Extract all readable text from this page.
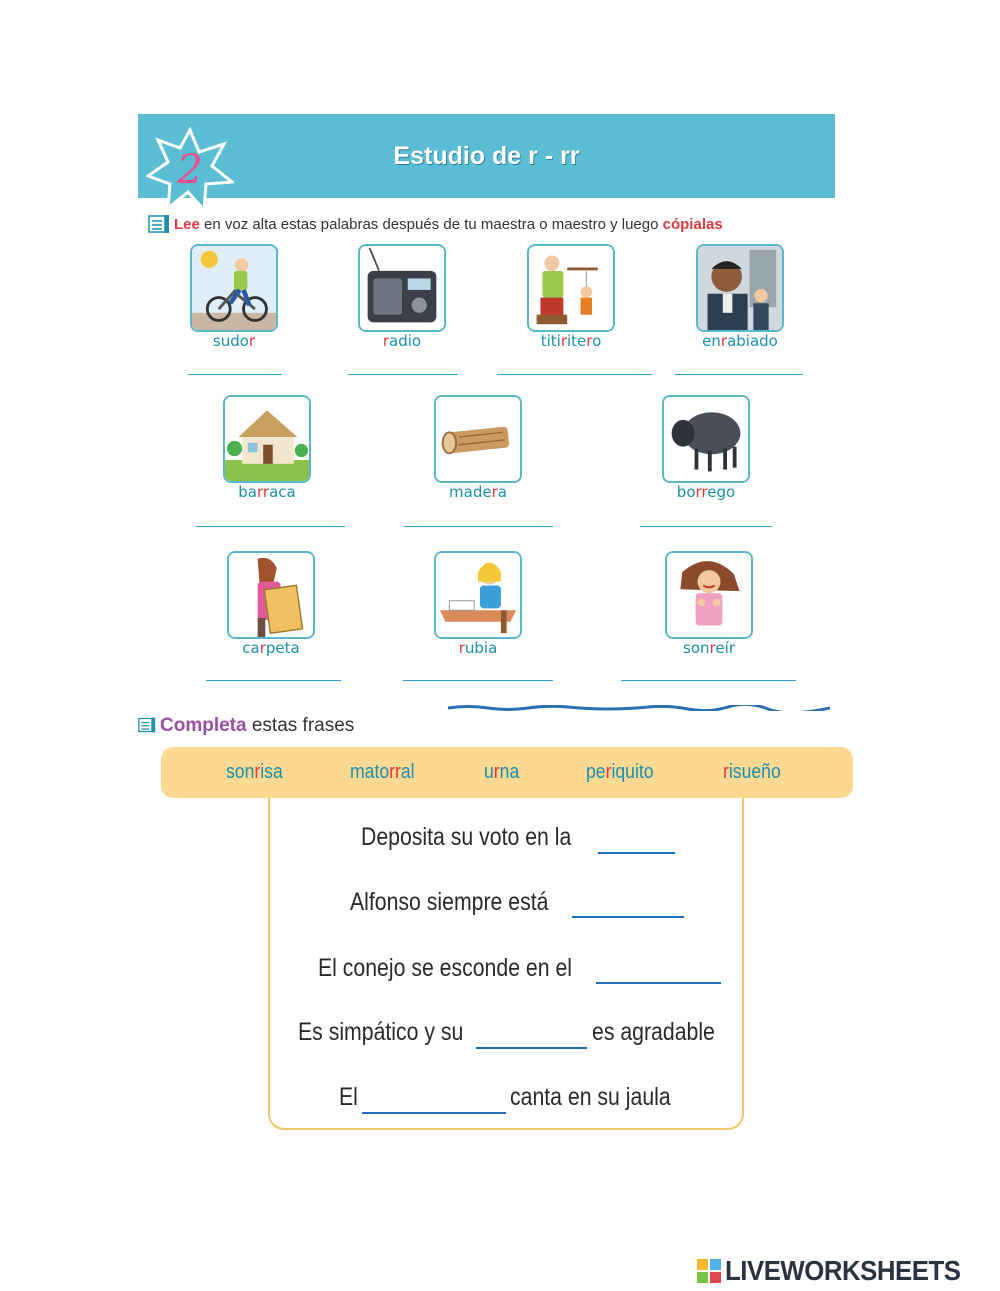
Estudio de r - rr
2
Lee en voz alta estas palabras después de tu maestra o maestro y luego cópialas
sudor	radio	titiritero	enrabiado
barraca	madera	borrego
carpeta	rubia	sonreír
Completa estas frases
sonrisa	matorral	urna	periquito	risueño
Deposita su voto en la
Alfonso siempre está
El conejo se esconde en el
Es simpático y su	es agradable
El	canta en su jaula
LIVEWORKSHEETS
